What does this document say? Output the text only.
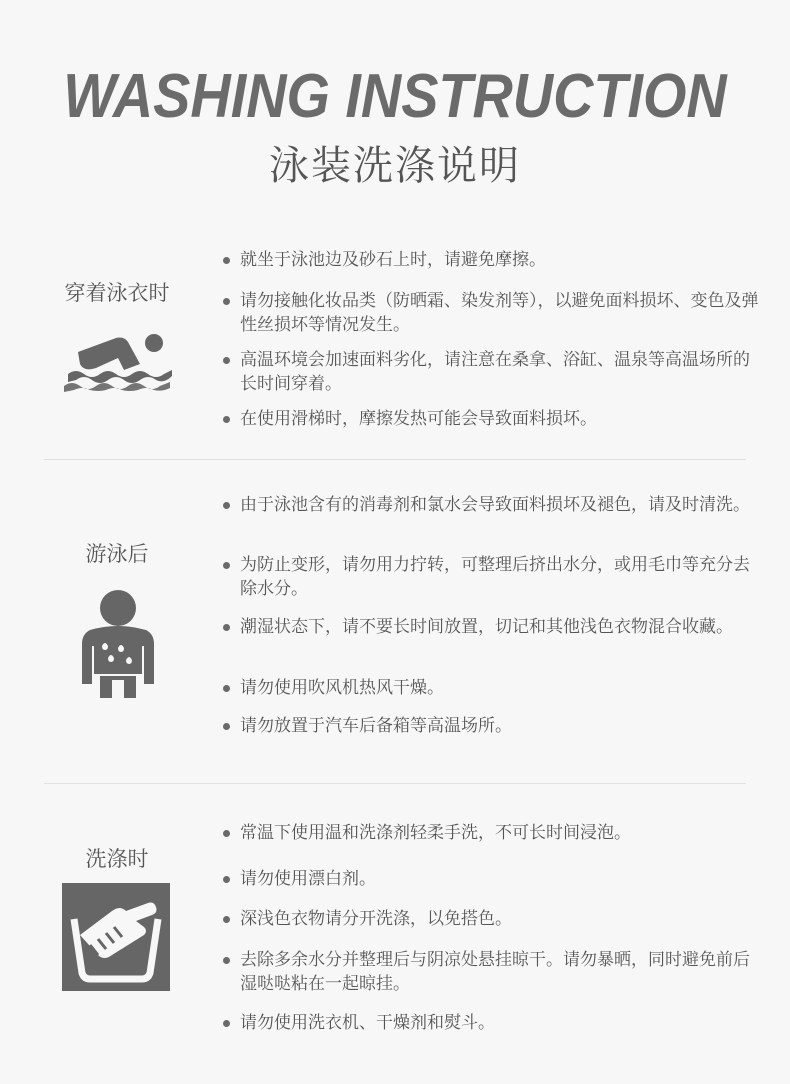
WASHING INSTRUCTION
泳装洗涤说明
穿着泳衣时
就坐于泳池边及砂石上时，请避免摩擦。
请勿接触化妆品类（防晒霜、染发剂等），以避免面料损坏、变色及弹性丝损坏等情况发生。
高温环境会加速面料劣化，请注意在桑拿、浴缸、温泉等高温场所的长时间穿着。
在使用滑梯时，摩擦发热可能会导致面料损坏。
游泳后
由于泳池含有的消毒剂和氯水会导致面料损坏及褪色，请及时清洗。
为防止变形，请勿用力拧转，可整理后挤出水分，或用毛巾等充分去除水分。
潮湿状态下，请不要长时间放置，切记和其他浅色衣物混合收藏。
请勿使用吹风机热风干燥。
请勿放置于汽车后备箱等高温场所。
洗涤时
常温下使用温和洗涤剂轻柔手洗，不可长时间浸泡。
请勿使用漂白剂。
深浅色衣物请分开洗涤，以免搭色。
去除多余水分并整理后与阴凉处悬挂晾干。请勿暴晒，同时避免前后湿哒哒粘在一起晾挂。
请勿使用洗衣机、干燥剂和熨斗。
